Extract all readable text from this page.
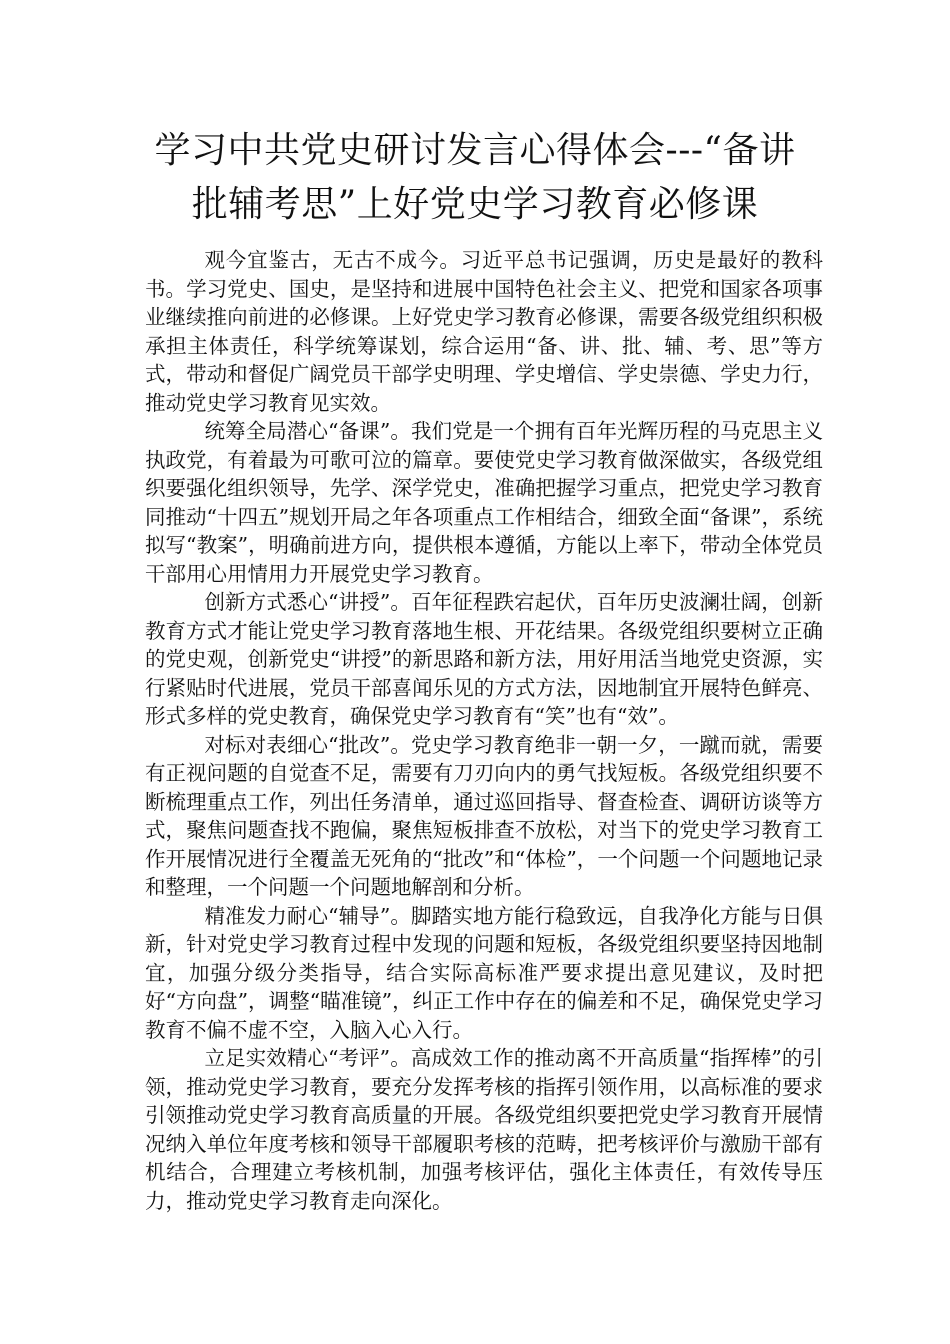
学习中共党史研讨发言心得体会---“备讲
批辅考思”上好党史学习教育必修课

观今宜鉴古，无古不成今。习近平总书记强调，历史是最好的教科书。学习党史、国史，是坚持和进展中国特色社会主义、把党和国家各项事业继续推向前进的必修课。上好党史学习教育必修课，需要各级党组织积极承担主体责任，科学统筹谋划，综合运用“备、讲、批、辅、考、思”等方式，带动和督促广阔党员干部学史明理、学史增信、学史崇德、学史力行，推动党史学习教育见实效。

统筹全局潜心“备课”。我们党是一个拥有百年光辉历程的马克思主义执政党，有着最为可歌可泣的篇章。要使党史学习教育做深做实，各级党组织要强化组织领导，先学、深学党史，准确把握学习重点，把党史学习教育同推动“十四五”规划开局之年各项重点工作相结合，细致全面“备课”，系统拟写“教案”，明确前进方向，提供根本遵循，方能以上率下，带动全体党员干部用心用情用力开展党史学习教育。

创新方式悉心“讲授”。百年征程跌宕起伏，百年历史波澜壮阔，创新教育方式才能让党史学习教育落地生根、开花结果。各级党组织要树立正确的党史观，创新党史“讲授”的新思路和新方法，用好用活当地党史资源，实行紧贴时代进展，党员干部喜闻乐见的方式方法，因地制宜开展特色鲜亮、形式多样的党史教育，确保党史学习教育有“笑”也有“效”。

对标对表细心“批改”。党史学习教育绝非一朝一夕，一蹴而就，需要有正视问题的自觉查不足，需要有刀刃向内的勇气找短板。各级党组织要不断梳理重点工作，列出任务清单，通过巡回指导、督查检查、调研访谈等方式，聚焦问题查找不跑偏，聚焦短板排查不放松，对当下的党史学习教育工作开展情况进行全覆盖无死角的“批改”和“体检”，一个问题一个问题地记录和整理，一个问题一个问题地解剖和分析。

精准发力耐心“辅导”。脚踏实地方能行稳致远，自我净化方能与日俱新，针对党史学习教育过程中发现的问题和短板，各级党组织要坚持因地制宜，加强分级分类指导，结合实际高标准严要求提出意见建议，及时把好“方向盘”，调整“瞄准镜”，纠正工作中存在的偏差和不足，确保党史学习教育不偏不虚不空，入脑入心入行。

立足实效精心“考评”。高成效工作的推动离不开高质量“指挥棒”的引领，推动党史学习教育，要充分发挥考核的指挥引领作用，以高标准的要求引领推动党史学习教育高质量的开展。各级党组织要把党史学习教育开展情况纳入单位年度考核和领导干部履职考核的范畴，把考核评价与激励干部有机结合，合理建立考核机制，加强考核评估，强化主体责任，有效传导压力，推动党史学习教育走向深化。
